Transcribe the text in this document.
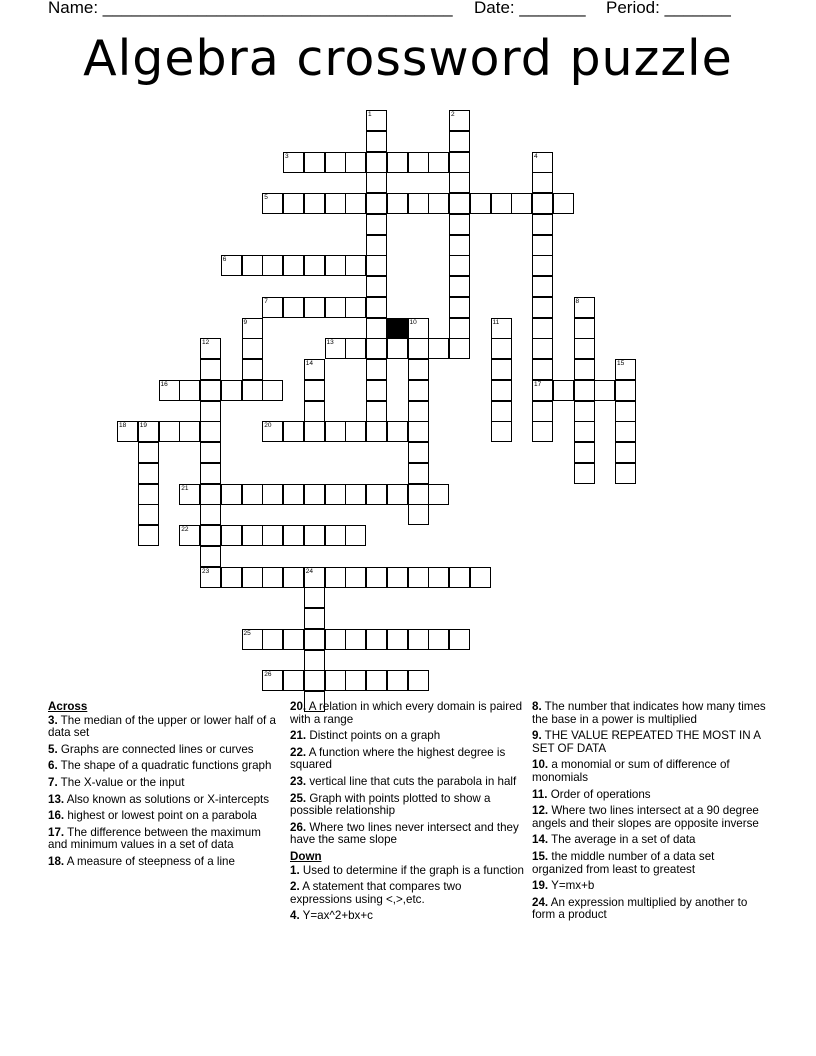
Name: _____________________________________ Date: _______ Period: _______
Algebra crossword puzzle
3
5
6
7
13
16	17
18 19	20
21
22
23	24
25
26
1	2
4
8
9	10	11
12
14	15
Across
3. The median of the upper or lower half of a data set
5. Graphs are connected lines or curves
6. The shape of a quadratic functions graph
7. The X-value or the input
13. Also known as solutions or X-intercepts
16. highest or lowest point on a parabola
17. The difference between the maximum and minimum values in a set of data
18. A measure of steepness of a line
20. A relation in which every domain is paired with a range
21. Distinct points on a graph
22. A function where the highest degree is squared
23. vertical line that cuts the parabola in half
25. Graph with points plotted to show a possible relationship
26. Where two lines never intersect and they have the same slope
Down
1. Used to determine if the graph is a function
2. A statement that compares two expressions using <,>,etc.
4. Y=ax^2+bx+c
8. The number that indicates how many times the base in a power is multiplied
9. THE VALUE REPEATED THE MOST IN A SET OF DATA
10. a monomial or sum of difference of monomials
11. Order of operations
12. Where two lines intersect at a 90 degree angels and their slopes are opposite inverse
14. The average in a set of data
15. the middle number of a data set organized from least to greatest
19. Y=mx+b
24. An expression multiplied by another to form a product
